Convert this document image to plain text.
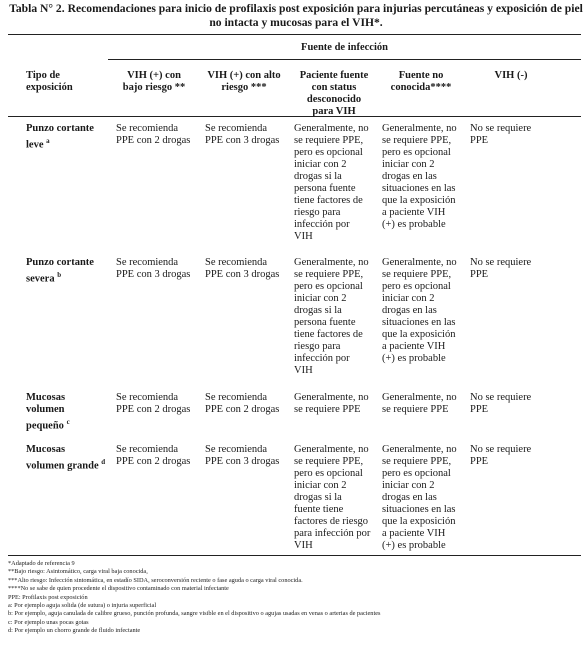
Tabla N° 2. Recomendaciones para inicio de profilaxis post exposición para injurias percutáneas y exposición de piel no intacta y mucosas para el VIH*.
Fuente de infección
Tipo de
exposición
VIH (+) con
bajo riesgo **
VIH (+) con alto
riesgo ***
Paciente fuente
con status
desconocido
para VIH
Fuente no
conocida****
VIH (-)
Punzo cortante
leve $^a$
Se recomienda
PPE con 2 drogas
Se recomienda
PPE con 3 drogas
Generalmente, no
se requiere PPE,
pero es opcional
iniciar con 2
drogas si la
persona fuente
tiene factores de
riesgo para
infección por
VIH
Generalmente, no
se requiere PPE,
pero es opcional
iniciar con 2
drogas en las
situaciones en las
que la exposición
a paciente VIH
(+) es probable
No se requiere
PPE
Punzo cortante
severa $^b$
Se recomienda
PPE con 3 drogas
Se recomienda
PPE con 3 drogas
Generalmente, no
se requiere PPE,
pero es opcional
iniciar con 2
drogas si la
persona fuente
tiene factores de
riesgo para
infección por
VIH
Generalmente, no
se requiere PPE,
pero es opcional
iniciar con 2
drogas en las
situaciones en las
que la exposición
a paciente VIH
(+) es probable
No se requiere
PPE
Mucosas
volumen
pequeño $^c$
Se recomienda
PPE con 2 drogas
Se recomienda
PPE con 2 drogas
Generalmente, no
se requiere PPE
Generalmente, no
se requiere PPE
No se requiere
PPE
Mucosas
volumen grande $^d$
Se recomienda
PPE con 2 drogas
Se recomienda
PPE con 3 drogas
Generalmente, no
se requiere PPE,
pero es opcional
iniciar con 2
drogas si la
fuente tiene
factores de riesgo
para infección por
VIH
Generalmente, no
se requiere PPE,
pero es opcional
iniciar con 2
drogas en las
situaciones en las
que la exposición
a paciente VIH
(+) es probable
No se requiere
PPE
*Adaptado de referencia 9
**Bajo riesgo: Asintomático, carga viral baja conocida,
***Alto riesgo: Infección sintomática, en estadío SIDA, seroconversión reciente o fase aguda o carga viral conocida.
****No se sabe de quien procedente el dispositivo contaminado con material infectante
PPE: Profilaxis post exposición
a: Por ejemplo aguja solida (de sutura) o injuria superficial
b: Por ejemplo, aguja canulada de calibre grueso, punción profunda, sangre visible en el dispositivo o agujas usadas en venas o arterias de pacientes
c: Por ejemplo unas pocas gotas
d: Por ejemplo un chorro grande de fluido infectante
